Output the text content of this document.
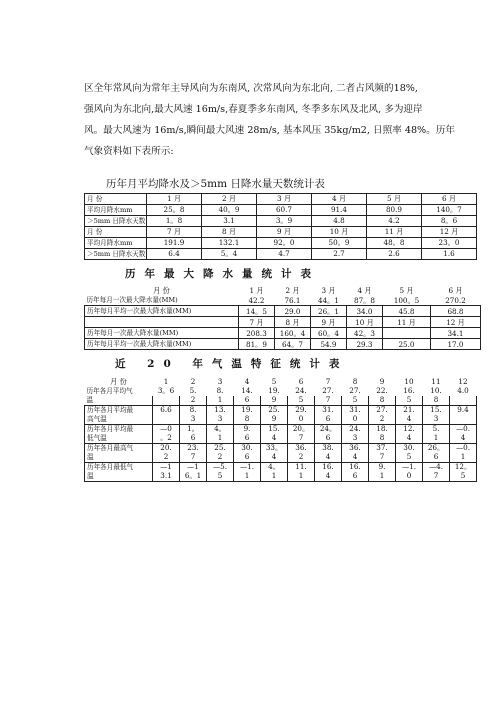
区全年常风向为常年主导风向为东南风, 次常风向为东北向, 二者占风频的18%,

强风向为东北向,最大风速 16m/s,春夏季多东南风, 冬季多东风及北风, 多为迎岸

风。最大风速为 16m/s,瞬间最大风速 28m/s, 基本风压 35kg/m2, 日照率 48%。历年

气象资料如下表所示:

历年月平均降水及＞5mm 日降水量天数统计表
月 份	1 月	2 月	3 月	4 月	5 月	6 月
平均月降水mm	25。8	40。9	60.7	91.4	80.9	140。7
＞5mm 日降水天数	1。8	3.1	3。9	4.8	4.2	8。6
月 份	7 月	8 月	9 月	10 月	11 月	12 月
平均月降水mm	191.9	132.1	92。0	50。9	48。8	23。0
＞5mm 日降水天数	6.4	5。4	4.7	2.7	2.6	1.6
历年最大降水量统计表
月 份	1 月	2 月	3 月	4 月	5 月	6 月
历年每月一次最大降水量(MM)	42.2	76.1	44。1	87。8	100。5	270.2
历年每月平均一次最大降水量(MM)	14。5	29.0	26。1	34.0	45.8	68.8
	7 月	8 月	9 月	10 月	11 月	12 月
历年每月一次最大降水量(MM)	208.3	160。4	60。4	42。3		34.1
历年每月平均一次最大降水量(MM)	81。9	64。7	54.9	29.3	25.0	17.0
近 20 年气温特征统计表
月 份	1	2	3	4	5	6	7	8	9	10	11	12
历年各月平均气	3。6	5.	8.	14.	19.	24.	27.	27.	22.	16.	10.	4.0
温		2	1	6	9	5	7	5	8	5	8	
历年各月平均最	6.6	8.	13.	19.	25.	29.	31.	31.	27.	21.	15.	9.4
高气温		3	3	8	9	0	6	0	2	4	3	
历年各月平均最	—0	1。	4。	9.	15.	20。	24。	24.	18.	12.	5.	—0.
低气温	。2	6	1	6	4	7	6	3	8	4	1	4
历年各月最高气	20.	23.	25.	30.	33。	36.	38.	36.	37.	30.	26。	—0.
温	2	7	2	6	4	2	4	4	7	5	6	1
历年各月最低气	—1	—1	—5.	—1.	4。	11.	16.	16.	9.	—1.	—4.	12。
温	3.1	6。1	5	1	1	1	4	6	1	0	7	5
